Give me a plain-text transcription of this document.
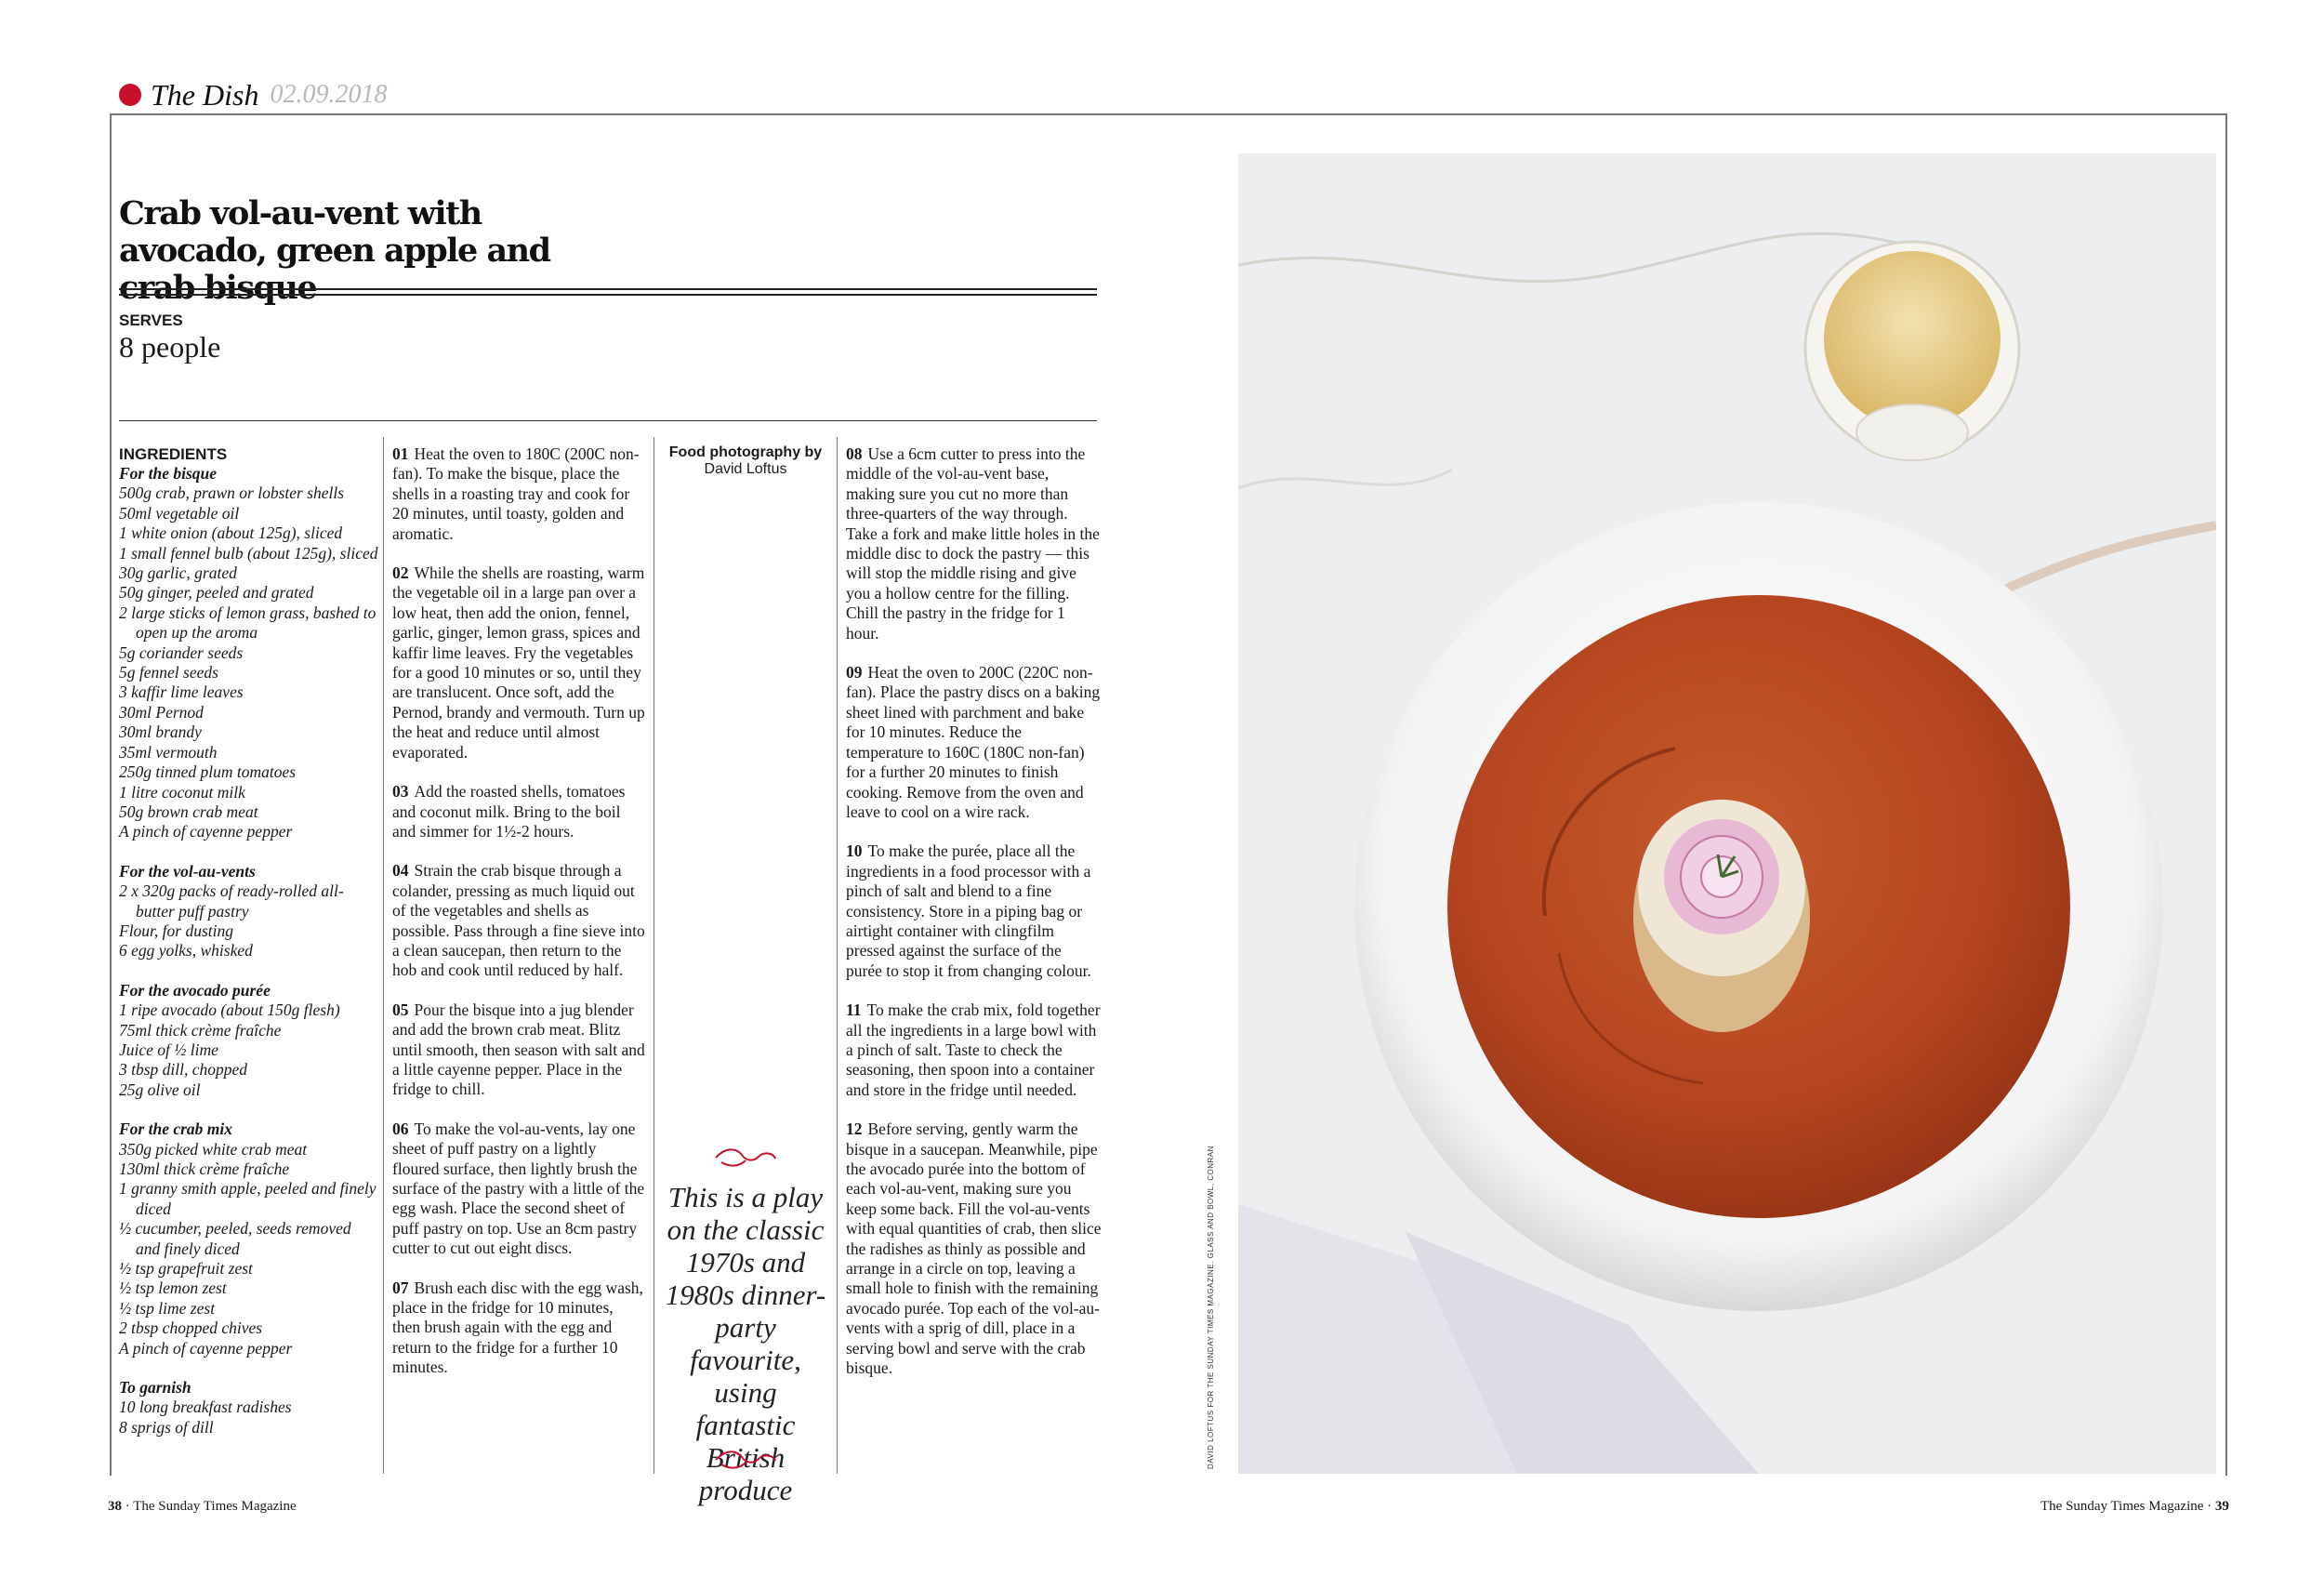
The Dish 02.09.2018
Crab vol-au-vent with avocado, green apple and crab bisque
SERVES
8 people
INGREDIENTS
For the bisque
500g crab, prawn or lobster shells
50ml vegetable oil
1 white onion (about 125g), sliced
1 small fennel bulb (about 125g), sliced
30g garlic, grated
50g ginger, peeled and grated
2 large sticks of lemon grass, bashed to open up the aroma
5g coriander seeds
5g fennel seeds
3 kaffir lime leaves
30ml Pernod
30ml brandy
35ml vermouth
250g tinned plum tomatoes
1 litre coconut milk
50g brown crab meat
A pinch of cayenne pepper
For the vol-au-vents
2 x 320g packs of ready-rolled all-butter puff pastry
Flour, for dusting
6 egg yolks, whisked
For the avocado purée
1 ripe avocado (about 150g flesh)
75ml thick crème fraîche
Juice of ½ lime
3 tbsp dill, chopped
25g olive oil
For the crab mix
350g picked white crab meat
130ml thick crème fraîche
1 granny smith apple, peeled and finely diced
½ cucumber, peeled, seeds removed and finely diced
½ tsp grapefruit zest
½ tsp lemon zest
½ tsp lime zest
2 tbsp chopped chives
A pinch of cayenne pepper
To garnish
10 long breakfast radishes
8 sprigs of dill
01 Heat the oven to 180C (200C non-fan). To make the bisque, place the shells in a roasting tray and cook for 20 minutes, until toasty, golden and aromatic.
02 While the shells are roasting, warm the vegetable oil in a large pan over a low heat, then add the onion, fennel, garlic, ginger, lemon grass, spices and kaffir lime leaves. Fry the vegetables for a good 10 minutes or so, until they are translucent. Once soft, add the Pernod, brandy and vermouth. Turn up the heat and reduce until almost evaporated.
03 Add the roasted shells, tomatoes and coconut milk. Bring to the boil and simmer for 1½-2 hours.
04 Strain the crab bisque through a colander, pressing as much liquid out of the vegetables and shells as possible. Pass through a fine sieve into a clean saucepan, then return to the hob and cook until reduced by half.
05 Pour the bisque into a jug blender and add the brown crab meat. Blitz until smooth, then season with salt and a little cayenne pepper. Place in the fridge to chill.
06 To make the vol-au-vents, lay one sheet of puff pastry on a lightly floured surface, then lightly brush the surface of the pastry with a little of the egg wash. Place the second sheet of puff pastry on top. Use an 8cm pastry cutter to cut out eight discs.
07 Brush each disc with the egg wash, place in the fridge for 10 minutes, then brush again with the egg and return to the fridge for a further 10 minutes.
Food photography by
David Loftus
This is a play on the classic 1970s and 1980s dinner-party favourite, using fantastic British produce
08 Use a 6cm cutter to press into the middle of the vol-au-vent base, making sure you cut no more than three-quarters of the way through. Take a fork and make little holes in the middle disc to dock the pastry — this will stop the middle rising and give you a hollow centre for the filling. Chill the pastry in the fridge for 1 hour.
09 Heat the oven to 200C (220C non-fan). Place the pastry discs on a baking sheet lined with parchment and bake for 10 minutes. Reduce the temperature to 160C (180C non-fan) for a further 20 minutes to finish cooking. Remove from the oven and leave to cool on a wire rack.
10 To make the purée, place all the ingredients in a food processor with a pinch of salt and blend to a fine consistency. Store in a piping bag or airtight container with clingfilm pressed against the surface of the purée to stop it from changing colour.
11 To make the crab mix, fold together all the ingredients in a large bowl with a pinch of salt. Taste to check the seasoning, then spoon into a container and store in the fridge until needed.
12 Before serving, gently warm the bisque in a saucepan. Meanwhile, pipe the avocado purée into the bottom of each vol-au-vent, making sure you keep some back. Fill the vol-au-vents with equal quantities of crab, then slice the radishes as thinly as possible and arrange in a circle on top, leaving a small hole to finish with the remaining avocado purée. Top each of the vol-au-vents with a sprig of dill, place in a serving bowl and serve with the crab bisque.	DAVID LOFTUS FOR THE SUNDAY TIMES MAGAZINE. GLASS AND BOWL, CONRAN
38 · The Sunday Times Magazine	The Sunday Times Magazine · 39
